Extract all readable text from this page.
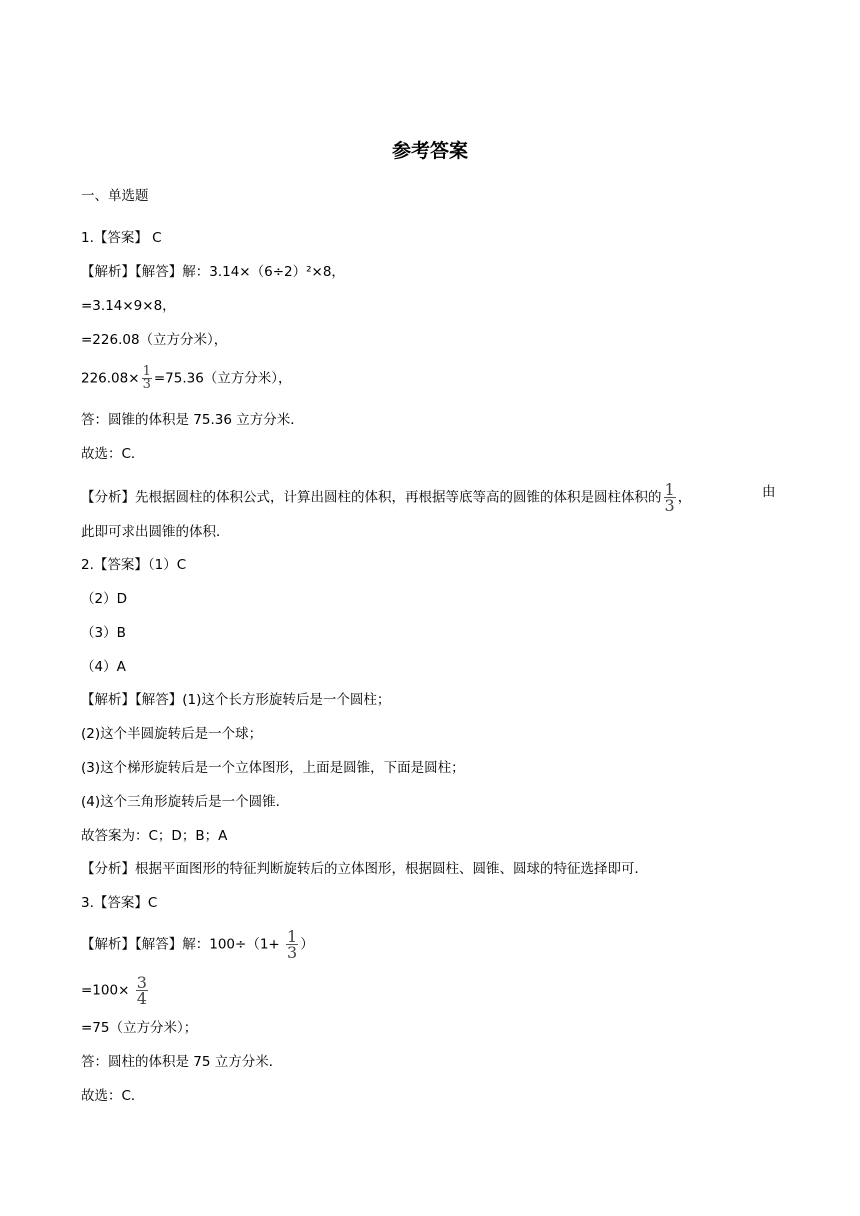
参考答案
一、单选题
1.【答案】 C
【解析】【解答】解：3.14×（6÷2）²×8，
=3.14×9×8，
=226.08（立方分米），
$226.08\times \frac{1}{3} =75.36$（立方分米），
答：圆锥的体积是 75.36 立方分米．
故选：C．
【分析】先根据圆柱的体积公式，计算出圆柱的体积，再根据等底等高的圆锥的体积是圆柱体积的 $\frac{1}{3}$ ，	由
此即可求出圆锥的体积．
2.【答案】（1）C
（2）D
（3）B
（4）A
【解析】【解答】(1)这个长方形旋转后是一个圆柱；
(2)这个半圆旋转后是一个球；
(3)这个梯形旋转后是一个立体图形，上面是圆锥，下面是圆柱；
(4)这个三角形旋转后是一个圆锥．
故答案为：C；D；B；A
【分析】根据平面图形的特征判断旋转后的立体图形，根据圆柱、圆锥、圆球的特征选择即可．
3.【答案】C
【解析】【解答】解：$100\div(1+ \frac{1}{3}$ ）
$=100\times \frac{3}{4}$
=75（立方分米）；
答：圆柱的体积是 75 立方分米．
故选：C．
